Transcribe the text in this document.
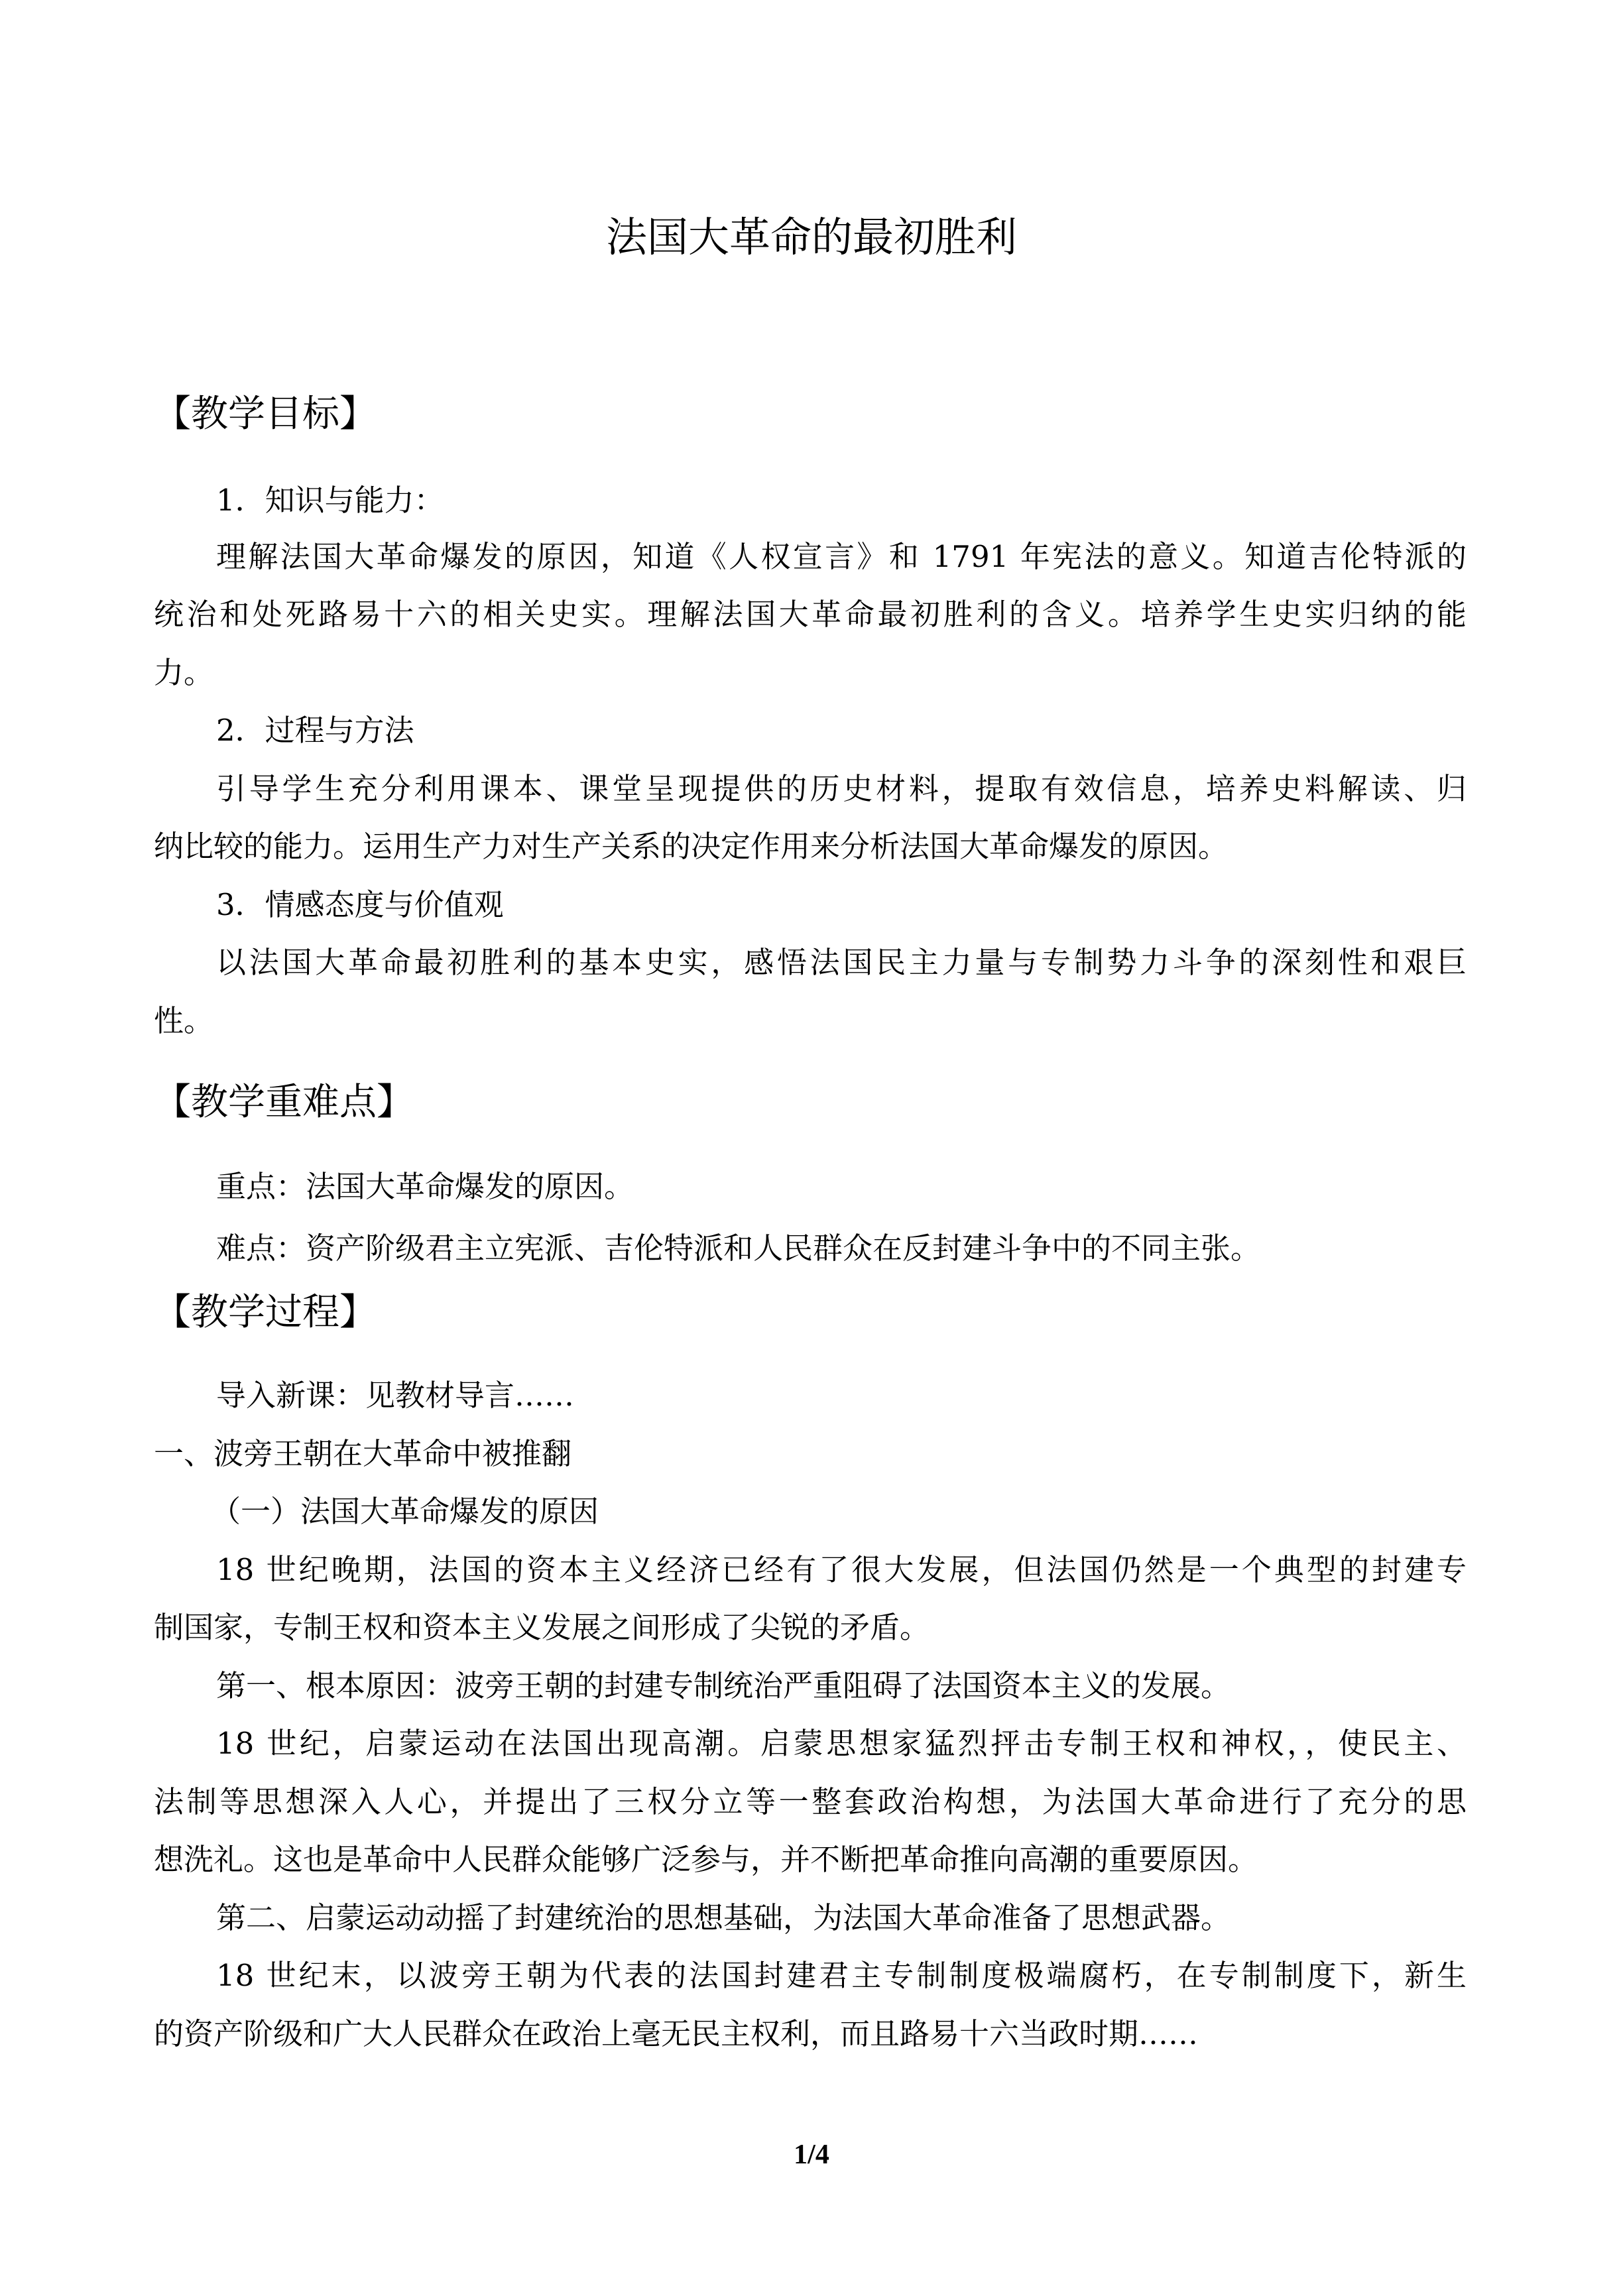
法国大革命的最初胜利
【教学目标】
1．知识与能力：
理解法国大革命爆发的原因，知道《人权宣言》和 1791 年宪法的意义。知道吉伦特派的
统治和处死路易十六的相关史实。理解法国大革命最初胜利的含义。培养学生史实归纳的能
力。
2．过程与方法
引导学生充分利用课本、课堂呈现提供的历史材料，提取有效信息，培养史料解读、归
纳比较的能力。运用生产力对生产关系的决定作用来分析法国大革命爆发的原因。
3．情感态度与价值观
以法国大革命最初胜利的基本史实，感悟法国民主力量与专制势力斗争的深刻性和艰巨
性。
【教学重难点】
重点：法国大革命爆发的原因。
难点：资产阶级君主立宪派、吉伦特派和人民群众在反封建斗争中的不同主张。
【教学过程】
导入新课：见教材导言……
一、波旁王朝在大革命中被推翻
（一）法国大革命爆发的原因
18 世纪晚期，法国的资本主义经济已经有了很大发展，但法国仍然是一个典型的封建专
制国家，专制王权和资本主义发展之间形成了尖锐的矛盾。
第一、根本原因：波旁王朝的封建专制统治严重阻碍了法国资本主义的发展。
18 世纪，启蒙运动在法国出现高潮。启蒙思想家猛烈抨击专制王权和神权，，使民主、
法制等思想深入人心，并提出了三权分立等一整套政治构想，为法国大革命进行了充分的思
想洗礼。这也是革命中人民群众能够广泛参与，并不断把革命推向高潮的重要原因。
第二、启蒙运动动摇了封建统治的思想基础，为法国大革命准备了思想武器。
18 世纪末，以波旁王朝为代表的法国封建君主专制制度极端腐朽，在专制制度下，新生
的资产阶级和广大人民群众在政治上毫无民主权利，而且路易十六当政时期……
1/4
